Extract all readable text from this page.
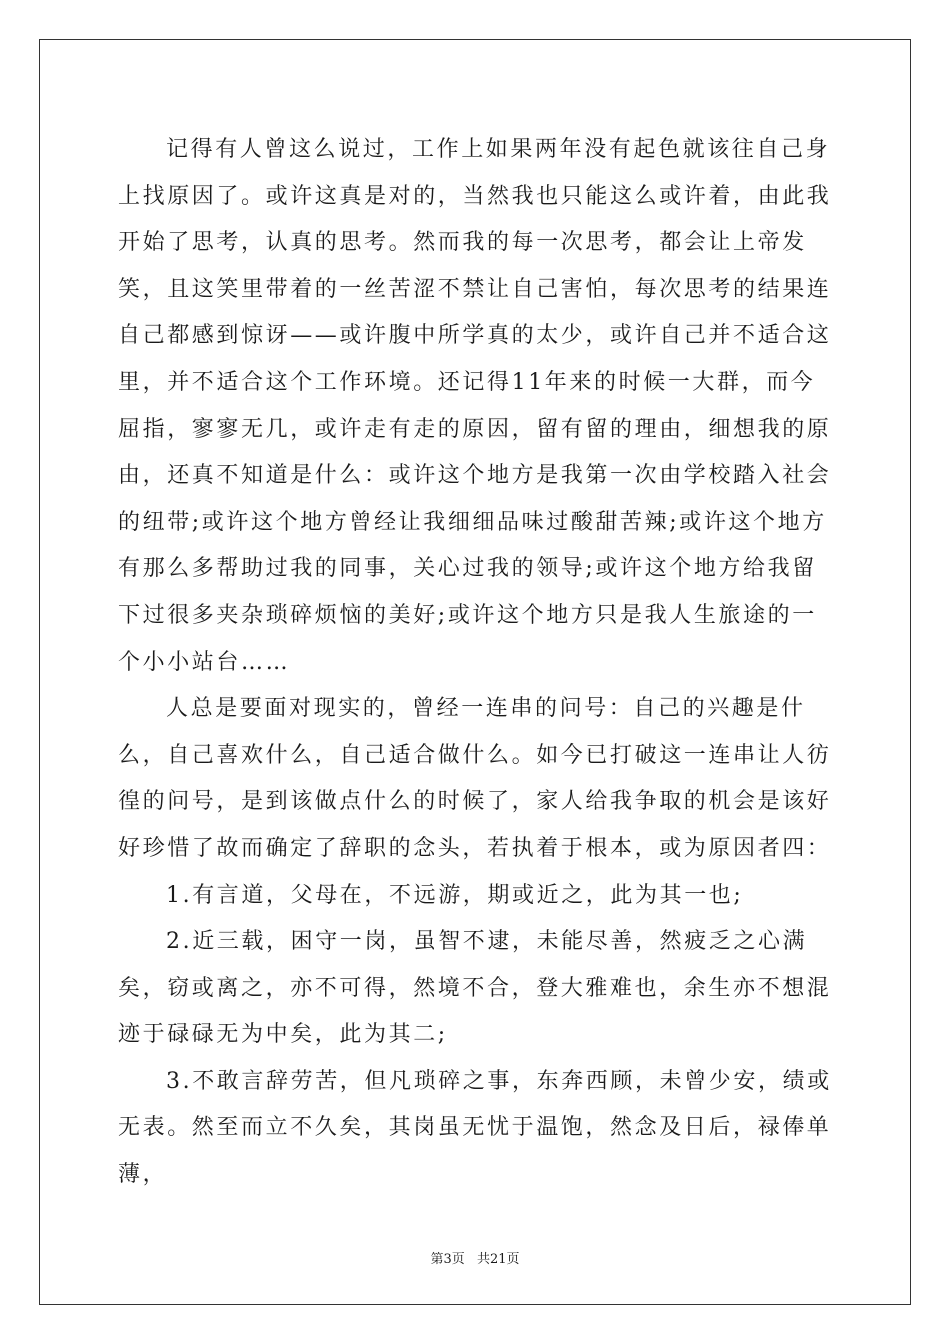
记得有人曾这么说过，工作上如果两年没有起色就该往自己身上找原因了。或许这真是对的，当然我也只能这么或许着，由此我开始了思考，认真的思考。然而我的每一次思考，都会让上帝发笑，且这笑里带着的一丝苦涩不禁让自己害怕，每次思考的结果连自己都感到惊讶——或许腹中所学真的太少，或许自己并不适合这里，并不适合这个工作环境。还记得11年来的时候一大群，而今屈指，寥寥无几，或许走有走的原因，留有留的理由，细想我的原由，还真不知道是什么：或许这个地方是我第一次由学校踏入社会的纽带;或许这个地方曾经让我细细品味过酸甜苦辣;或许这个地方有那么多帮助过我的同事，关心过我的领导;或许这个地方给我留下过很多夹杂琐碎烦恼的美好;或许这个地方只是我人生旅途的一个小小站台……

人总是要面对现实的，曾经一连串的问号：自己的兴趣是什么，自己喜欢什么，自己适合做什么。如今已打破这一连串让人彷徨的问号，是到该做点什么的时候了，家人给我争取的机会是该好好珍惜了故而确定了辞职的念头，若执着于根本，或为原因者四：

1.有言道，父母在，不远游，期或近之，此为其一也;

2.近三载，困守一岗，虽智不逮，未能尽善，然疲乏之心满矣，窃或离之，亦不可得，然境不合，登大雅难也，余生亦不想混迹于碌碌无为中矣，此为其二;

3.不敢言辞劳苦，但凡琐碎之事，东奔西顾，未曾少安，绩或无表。然至而立不久矣，其岗虽无忧于温饱，然念及日后，禄俸单薄，

第3页 共21页
